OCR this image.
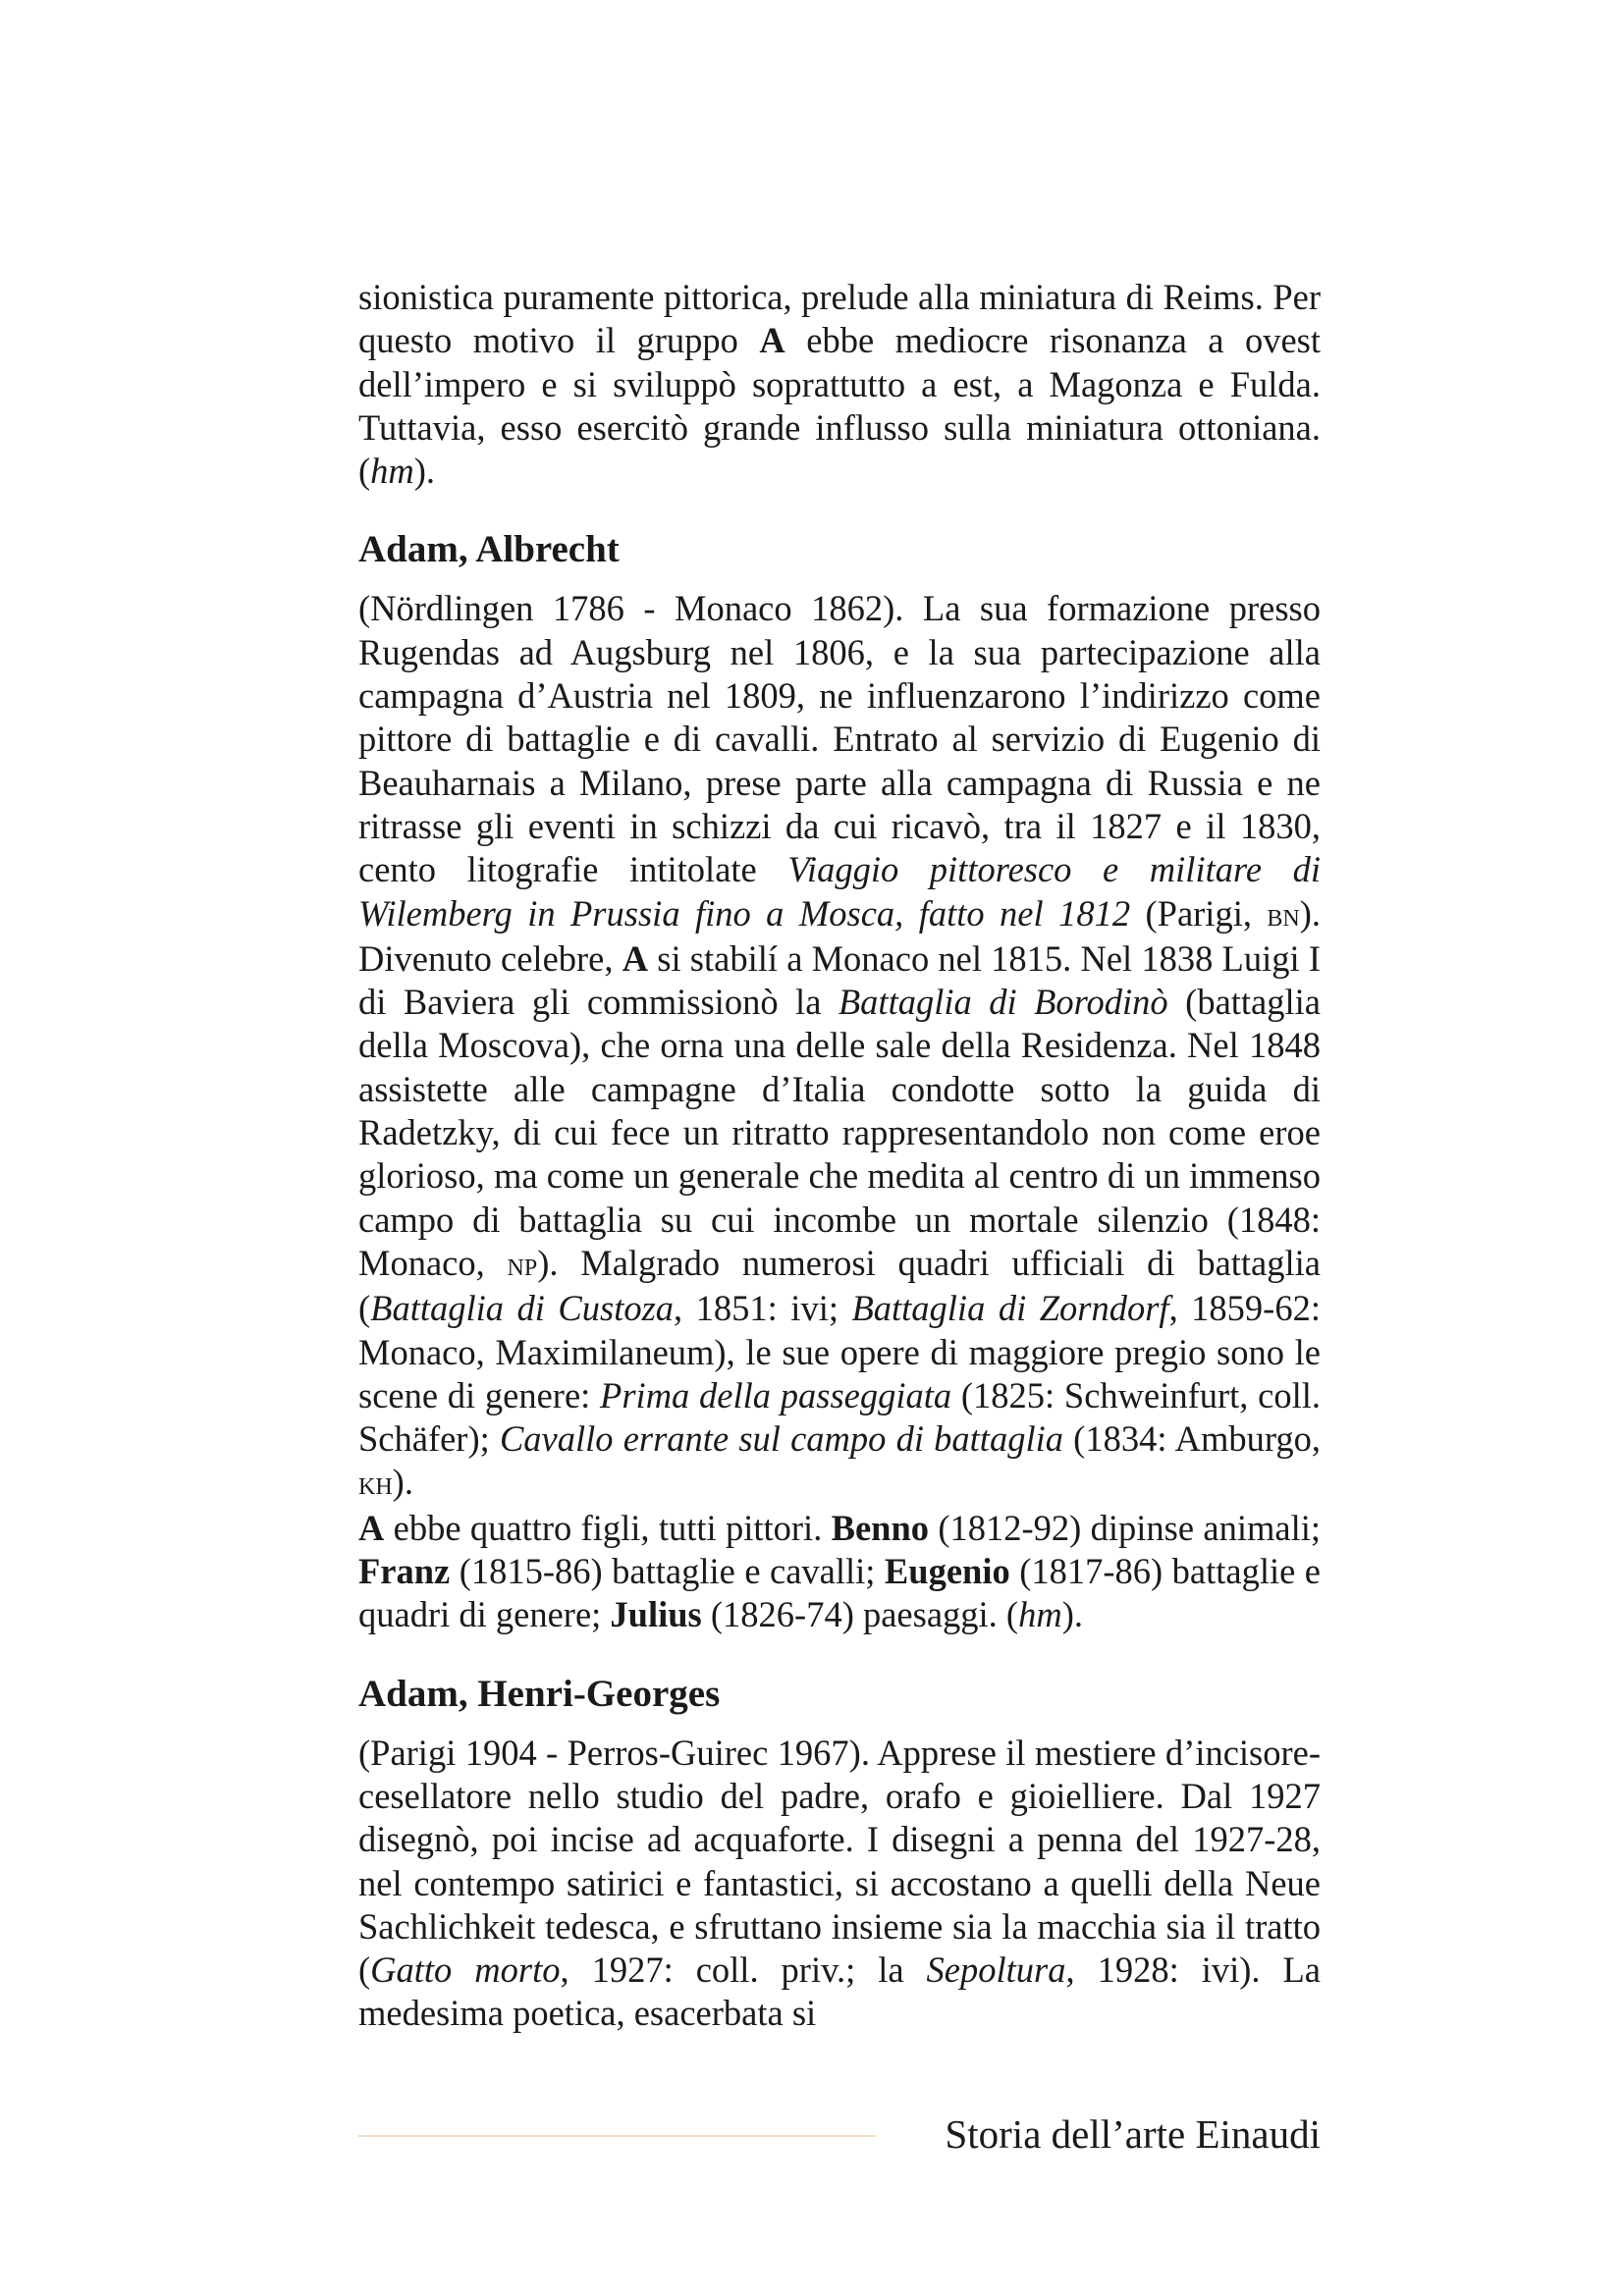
sionistica puramente pittorica, prelude alla miniatura di Reims. Per questo motivo il gruppo A ebbe mediocre risonanza a ovest dell’impero e si sviluppò soprattutto a est, a Magonza e Fulda. Tuttavia, esso esercitò grande influsso sulla miniatura ottoniana. (hm).

Adam, Albrecht

(Nördlingen 1786 - Monaco 1862). La sua formazione presso Rugendas ad Augsburg nel 1806, e la sua partecipazione alla campagna d’Austria nel 1809, ne influenzarono l’indirizzo come pittore di battaglie e di cavalli. Entrato al servizio di Eugenio di Beauharnais a Milano, prese parte alla campagna di Russia e ne ritrasse gli eventi in schizzi da cui ricavò, tra il 1827 e il 1830, cento litografie intitolate Viaggio pittoresco e militare di Wilemberg in Prussia fino a Mosca, fatto nel 1812 (Parigi, bn). Divenuto celebre, A si stabilí a Monaco nel 1815. Nel 1838 Luigi I di Baviera gli commissionò la Battaglia di Borodinò (battaglia della Moscova), che orna una delle sale della Residenza. Nel 1848 assistette alle campagne d’Italia condotte sotto la guida di Radetzky, di cui fece un ritratto rappresentandolo non come eroe glorioso, ma come un generale che medita al centro di un immenso campo di battaglia su cui incombe un mortale silenzio (1848: Monaco, np). Malgrado numerosi quadri ufficiali di battaglia (Battaglia di Custoza, 1851: ivi; Battaglia di Zorndorf, 1859-62: Monaco, Maximilaneum), le sue opere di maggiore pregio sono le scene di genere: Prima della passeggiata (1825: Schweinfurt, coll. Schäfer); Cavallo errante sul campo di battaglia (1834: Amburgo, kh).

A ebbe quattro figli, tutti pittori. Benno (1812-92) dipinse animali; Franz (1815-86) battaglie e cavalli; Eugenio (1817-86) battaglie e quadri di genere; Julius (1826-74) paesaggi. (hm).

Adam, Henri-Georges

(Parigi 1904 - Perros-Guirec 1967). Apprese il mestiere d’incisore-cesellatore nello studio del padre, orafo e gioielliere. Dal 1927 disegnò, poi incise ad acquaforte. I disegni a penna del 1927-28, nel contempo satirici e fantastici, si accostano a quelli della Neue Sachlichkeit tedesca, e sfruttano insieme sia la macchia sia il tratto (Gatto morto, 1927: coll. priv.; la Sepoltura, 1928: ivi). La medesima poetica, esacerbata si

Storia dell’arte Einaudi
